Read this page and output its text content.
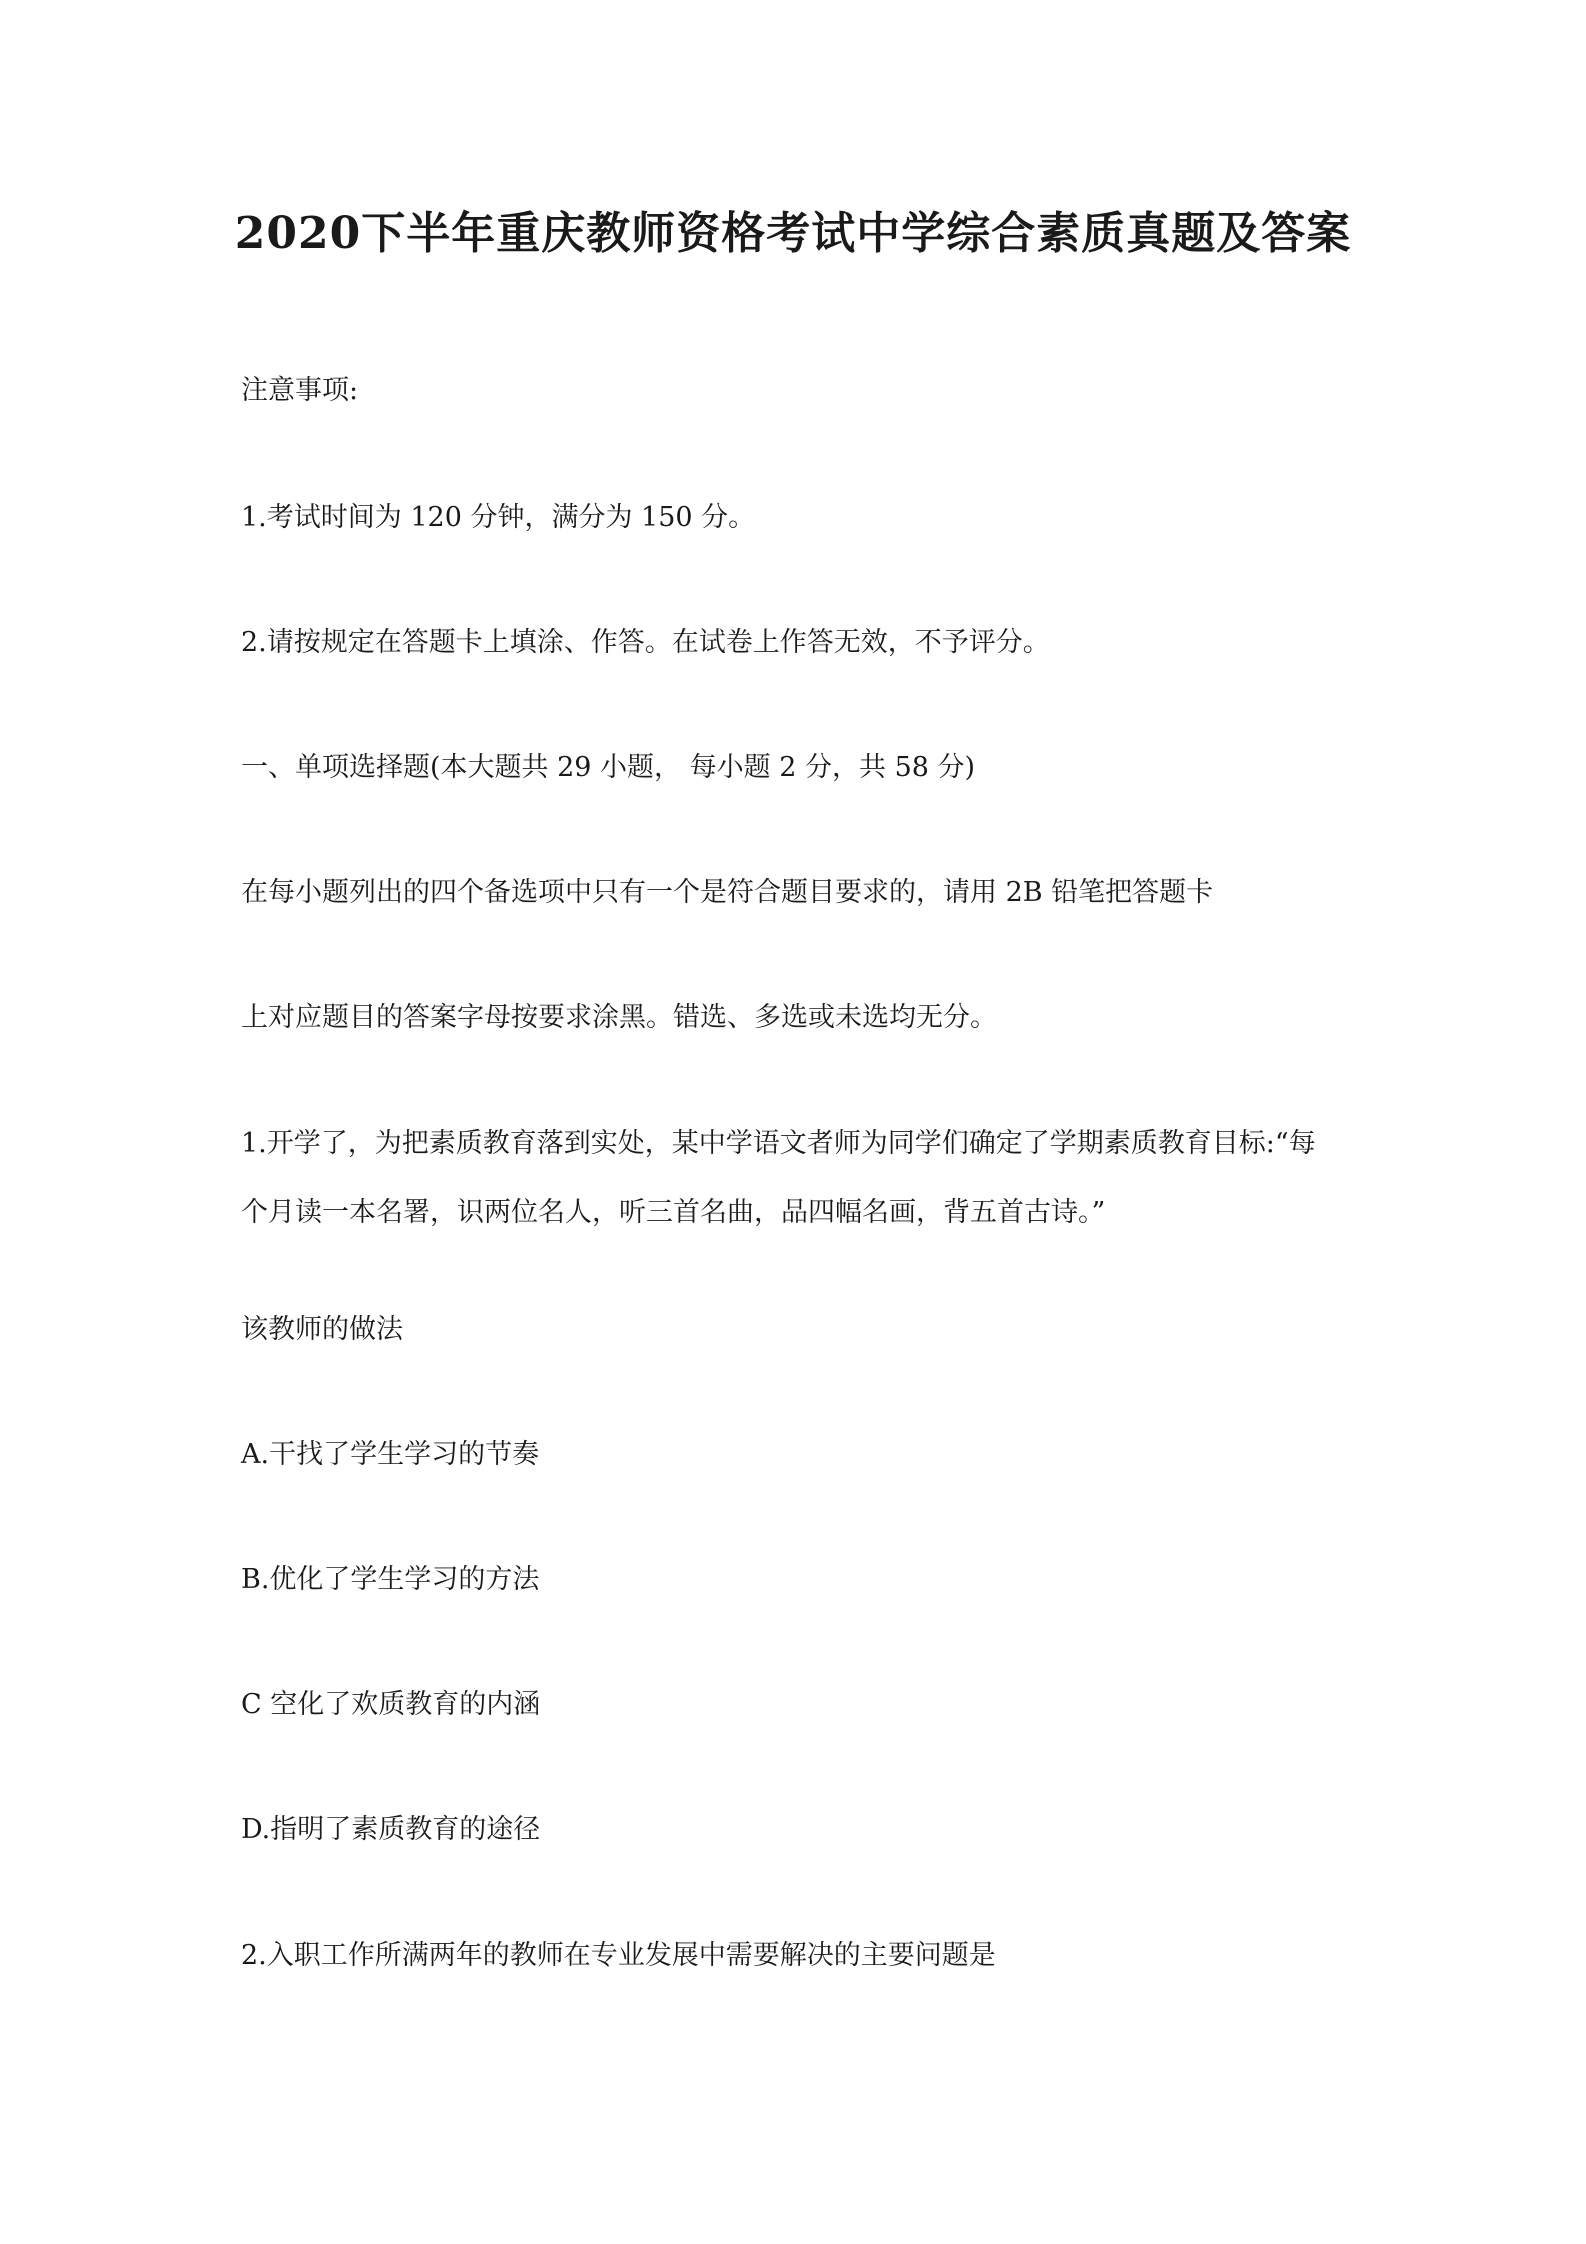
2020下半年重庆教师资格考试中学综合素质真题及答案
注意事项:
1.考试时间为 120 分钟，满分为 150 分。
2.请按规定在答题卡上填涂、作答。在试卷上作答无效，不予评分。
一、单项选择题(本大题共 29 小题， 每小题 2 分，共 58 分)
在每小题列出的四个备选项中只有一个是符合题目要求的，请用 2B 铅笔把答题卡
上对应题目的答案字母按要求涂黑。错选、多选或未选均无分。
1.开学了，为把素质教育落到实处，某中学语文者师为同学们确定了学期素质教育目标:“每
个月读一本名署，识两位名人，听三首名曲，品四幅名画，背五首古诗。”
该教师的做法
A.干找了学生学习的节奏
B.优化了学生学习的方法
C 空化了欢质教育的内涵
D.指明了素质教育的途径
2.入职工作所满两年的教师在专业发展中需要解决的主要问题是
